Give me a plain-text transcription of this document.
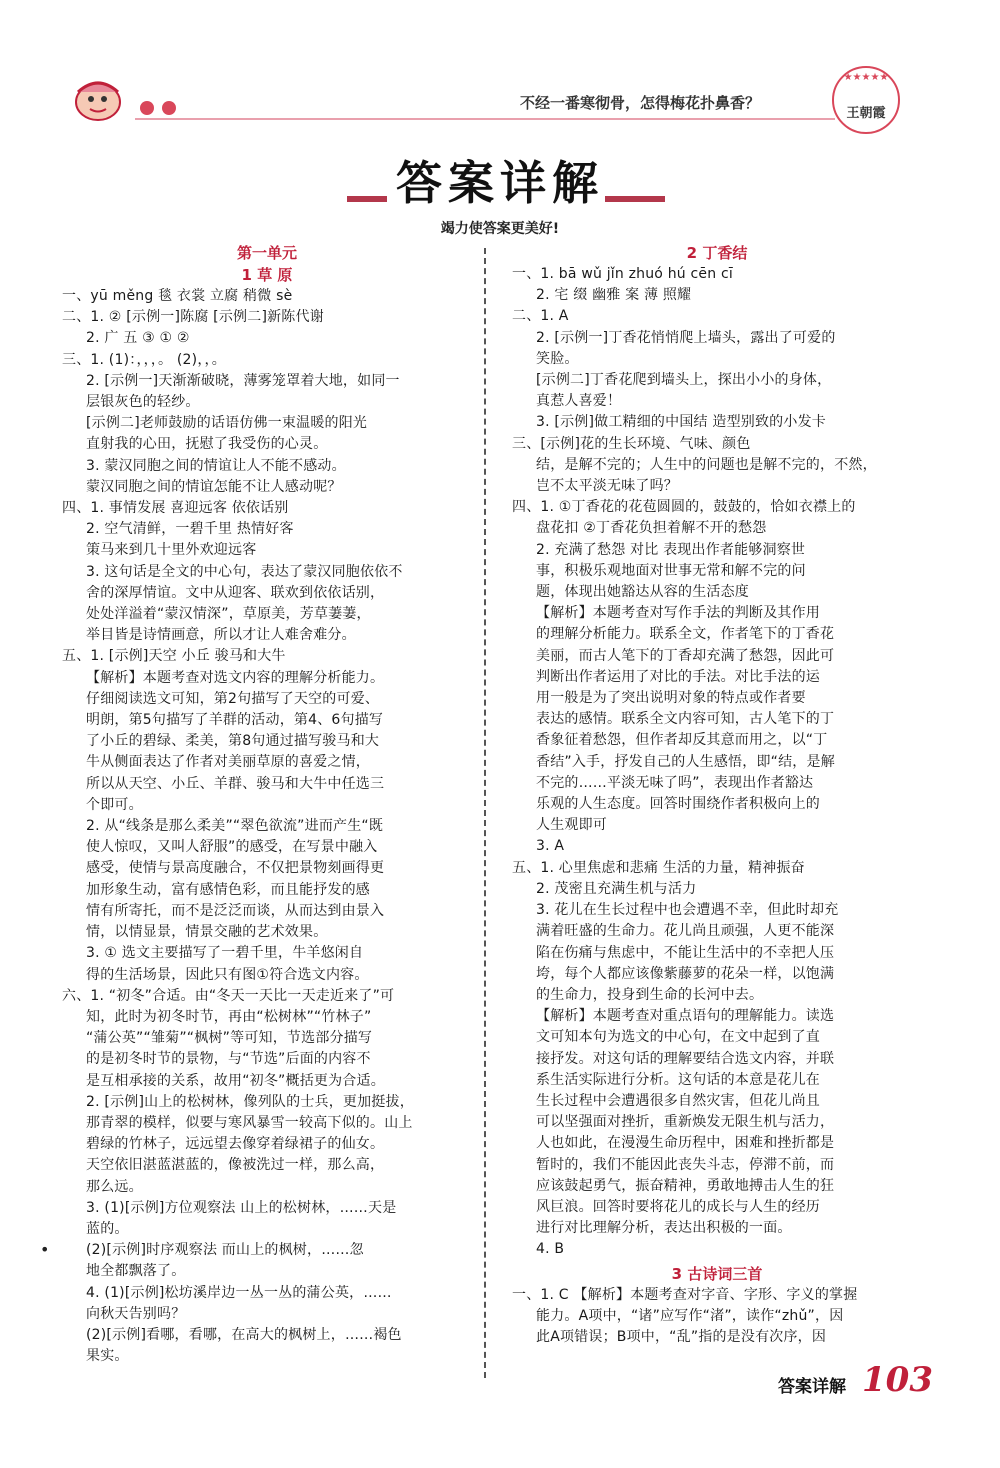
不经一番寒彻骨，怎得梅花扑鼻香？
★★★★★
王朝霞
答案详解
竭力使答案更美好!
第一单元
1 草 原
一、yū měng 毯 衣裳 立腐 稍微 sè
二、1. ② [示例一]陈腐 [示例二]新陈代谢
2. 广 五 ③ ① ②
三、1. (1)：，，，。 (2)，，。
2. [示例一]天渐渐破晓，薄雾笼罩着大地，如同一
层银灰色的轻纱。
[示例二]老师鼓励的话语仿佛一束温暖的阳光
直射我的心田，抚慰了我受伤的心灵。
3. 蒙汉同胞之间的情谊让人不能不感动。
蒙汉同胞之间的情谊怎能不让人感动呢？
四、1. 事情发展 喜迎远客 依依话别
2. 空气清鲜，一碧千里 热情好客
策马来到几十里外欢迎远客
3. 这句话是全文的中心句，表达了蒙汉同胞依依不
舍的深厚情谊。文中从迎客、联欢到依依话别，
处处洋溢着“蒙汉情深”，草原美，芳草萋萋，
举目皆是诗情画意，所以才让人难舍难分。
五、1. [示例]天空 小丘 骏马和大牛
【解析】本题考查对选文内容的理解分析能力。
仔细阅读选文可知，第2句描写了天空的可爱、
明朗，第5句描写了羊群的活动，第4、6句描写
了小丘的碧绿、柔美，第8句通过描写骏马和大
牛从侧面表达了作者对美丽草原的喜爱之情，
所以从天空、小丘、羊群、骏马和大牛中任选三
个即可。
2. 从“线条是那么柔美”“翠色欲流”进而产生“既
使人惊叹，又叫人舒服”的感受，在写景中融入
感受，使情与景高度融合，不仅把景物刻画得更
加形象生动，富有感情色彩，而且能抒发的感
情有所寄托，而不是泛泛而谈，从而达到由景入
情，以情显景，情景交融的艺术效果。
3. ① 选文主要描写了一碧千里，牛羊悠闲自
得的生活场景，因此只有图①符合选文内容。
六、1. “初冬”合适。由“冬天一天比一天走近来了”可
知，此时为初冬时节，再由“松树林”“竹林子”
“蒲公英”“雏菊”“枫树”等可知，节选部分描写
的是初冬时节的景物，与“节选”后面的内容不
是互相承接的关系，故用“初冬”概括更为合适。
2. [示例]山上的松树林，像列队的士兵，更加挺拔，
那青翠的模样，似要与寒风暴雪一较高下似的。山上
碧绿的竹林子，远远望去像穿着绿裙子的仙女。
天空依旧湛蓝湛蓝的，像被洗过一样，那么高，
那么远。
3. (1)[示例]方位观察法 山上的松树林，……天是
蓝的。
(2)[示例]时序观察法 而山上的枫树，……忽
地全都飘落了。
4. (1)[示例]松坊溪岸边一丛一丛的蒲公英，……
向秋天告别吗？
(2)[示例]看哪，看哪，在高大的枫树上，……褐色
果实。
2 丁香结
一、1. bā wǔ jǐn zhuó hú cēn cī
2. 宅 缀 幽雅 案 薄 照耀
二、1. A
2. [示例一]丁香花悄悄爬上墙头，露出了可爱的
笑脸。
[示例二]丁香花爬到墙头上，探出小小的身体，
真惹人喜爱！
3. [示例]做工精细的中国结 造型别致的小发卡
三、[示例]花的生长环境、气味、颜色
结，是解不完的；人生中的问题也是解不完的，不然，
岂不太平淡无味了吗？
四、1. ①丁香花的花苞圆圆的，鼓鼓的，恰如衣襟上的
盘花扣 ②丁香花负担着解不开的愁怨
2. 充满了愁怨 对比 表现出作者能够洞察世
事，积极乐观地面对世事无常和解不完的问
题，体现出她豁达从容的生活态度
【解析】本题考查对写作手法的判断及其作用
的理解分析能力。联系全文，作者笔下的丁香花
美丽，而古人笔下的丁香却充满了愁怨，因此可
判断出作者运用了对比的手法。对比手法的运
用一般是为了突出说明对象的特点或作者要
表达的感情。联系全文内容可知，古人笔下的丁
香象征着愁怨，但作者却反其意而用之，以“丁
香结”入手，抒发自己的人生感悟，即“结，是解
不完的……平淡无味了吗”，表现出作者豁达
乐观的人生态度。回答时围绕作者积极向上的
人生观即可
3. A
五、1. 心里焦虑和悲痛 生活的力量，精神振奋
2. 茂密且充满生机与活力
3. 花儿在生长过程中也会遭遇不幸，但此时却充
满着旺盛的生命力。花儿尚且顽强，人更不能深
陷在伤痛与焦虑中，不能让生活中的不幸把人压
垮，每个人都应该像紫藤萝的花朵一样，以饱满
的生命力，投身到生命的长河中去。
【解析】本题考查对重点语句的理解能力。读选
文可知本句为选文的中心句，在文中起到了直
接抒发。对这句话的理解要结合选文内容，并联
系生活实际进行分析。这句话的本意是花儿在
生长过程中会遭遇很多自然灾害，但花儿尚且
可以坚强面对挫折，重新焕发无限生机与活力，
人也如此，在漫漫生命历程中，困难和挫折都是
暂时的，我们不能因此丧失斗志，停滞不前，而
应该鼓起勇气，振奋精神，勇敢地搏击人生的狂
风巨浪。回答时要将花儿的成长与人生的经历
进行对比理解分析，表达出积极的一面。
4. B
3 古诗词三首
一、1. C 【解析】本题考查对字音、字形、字义的掌握
能力。A项中，“诸”应写作“渚”，读作“zhǔ”，因
此A项错误；B项中，“乱”指的是没有次序，因
•
答案详解 103
